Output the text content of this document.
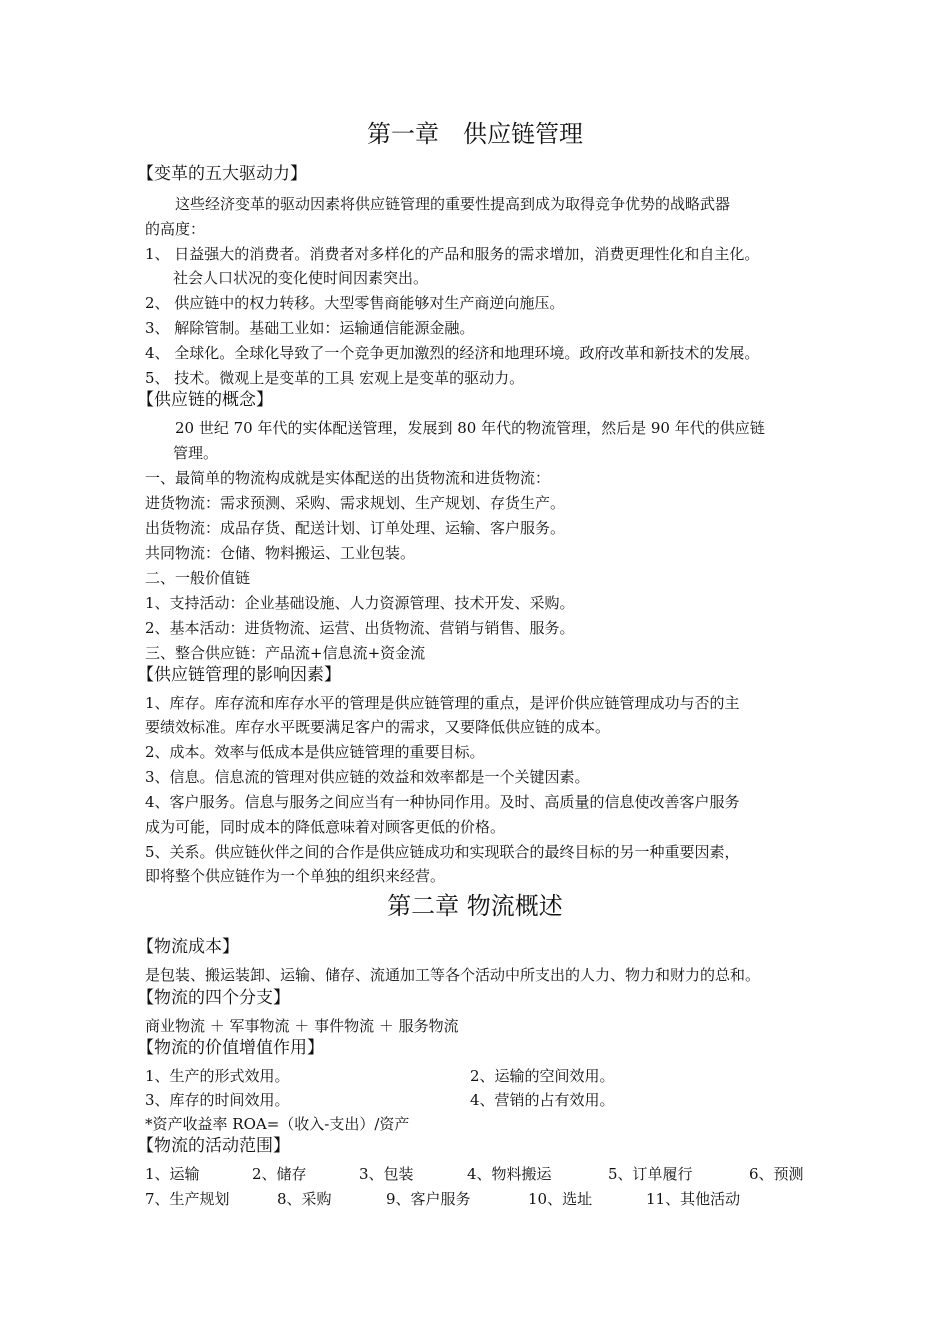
第一章　供应链管理
【变革的五大驱动力】
这些经济变革的驱动因素将供应链管理的重要性提高到成为取得竞争优势的战略武器
的高度：
1、 日益强大的消费者。消费者对多样化的产品和服务的需求增加，消费更理性化和自主化。
社会人口状况的变化使时间因素突出。
2、 供应链中的权力转移。大型零售商能够对生产商逆向施压。
3、 解除管制。基础工业如：运输通信能源金融。
4、 全球化。全球化导致了一个竞争更加激烈的经济和地理环境。政府改革和新技术的发展。
5、 技术。微观上是变革的工具 宏观上是变革的驱动力。
【供应链的概念】
20 世纪 70 年代的实体配送管理，发展到 80 年代的物流管理，然后是 90 年代的供应链
管理。
一、最简单的物流构成就是实体配送的出货物流和进货物流：
进货物流：需求预测、采购、需求规划、生产规划、存货生产。
出货物流：成品存货、配送计划、订单处理、运输、客户服务。
共同物流：仓储、物料搬运、工业包装。
二、一般价值链
1、支持活动：企业基础设施、人力资源管理、技术开发、采购。
2、基本活动：进货物流、运营、出货物流、营销与销售、服务。
三、整合供应链：产品流+信息流+资金流
【供应链管理的影响因素】
1、库存。库存流和库存水平的管理是供应链管理的重点，是评价供应链管理成功与否的主
要绩效标准。库存水平既要满足客户的需求，又要降低供应链的成本。
2、成本。效率与低成本是供应链管理的重要目标。
3、信息。信息流的管理对供应链的效益和效率都是一个关键因素。
4、客户服务。信息与服务之间应当有一种协同作用。及时、高质量的信息使改善客户服务
成为可能，同时成本的降低意味着对顾客更低的价格。
5、关系。供应链伙伴之间的合作是供应链成功和实现联合的最终目标的另一种重要因素，
即将整个供应链作为一个单独的组织来经营。
第二章 物流概述
【物流成本】
是包装、搬运装卸、运输、储存、流通加工等各个活动中所支出的人力、物力和财力的总和。
【物流的四个分支】
商业物流 ＋ 军事物流 ＋ 事件物流 ＋ 服务物流
【物流的价值增值作用】
1、生产的形式效用。	2、运输的空间效用。
3、库存的时间效用。	4、营销的占有效用。
*资产收益率 ROA=（收入-支出）/资产
【物流的活动范围】
1、运输	2、储存	3、包装	4、物料搬运	5、订单履行	6、预测
7、生产规划	8、采购	9、客户服务	10、选址	11、其他活动
